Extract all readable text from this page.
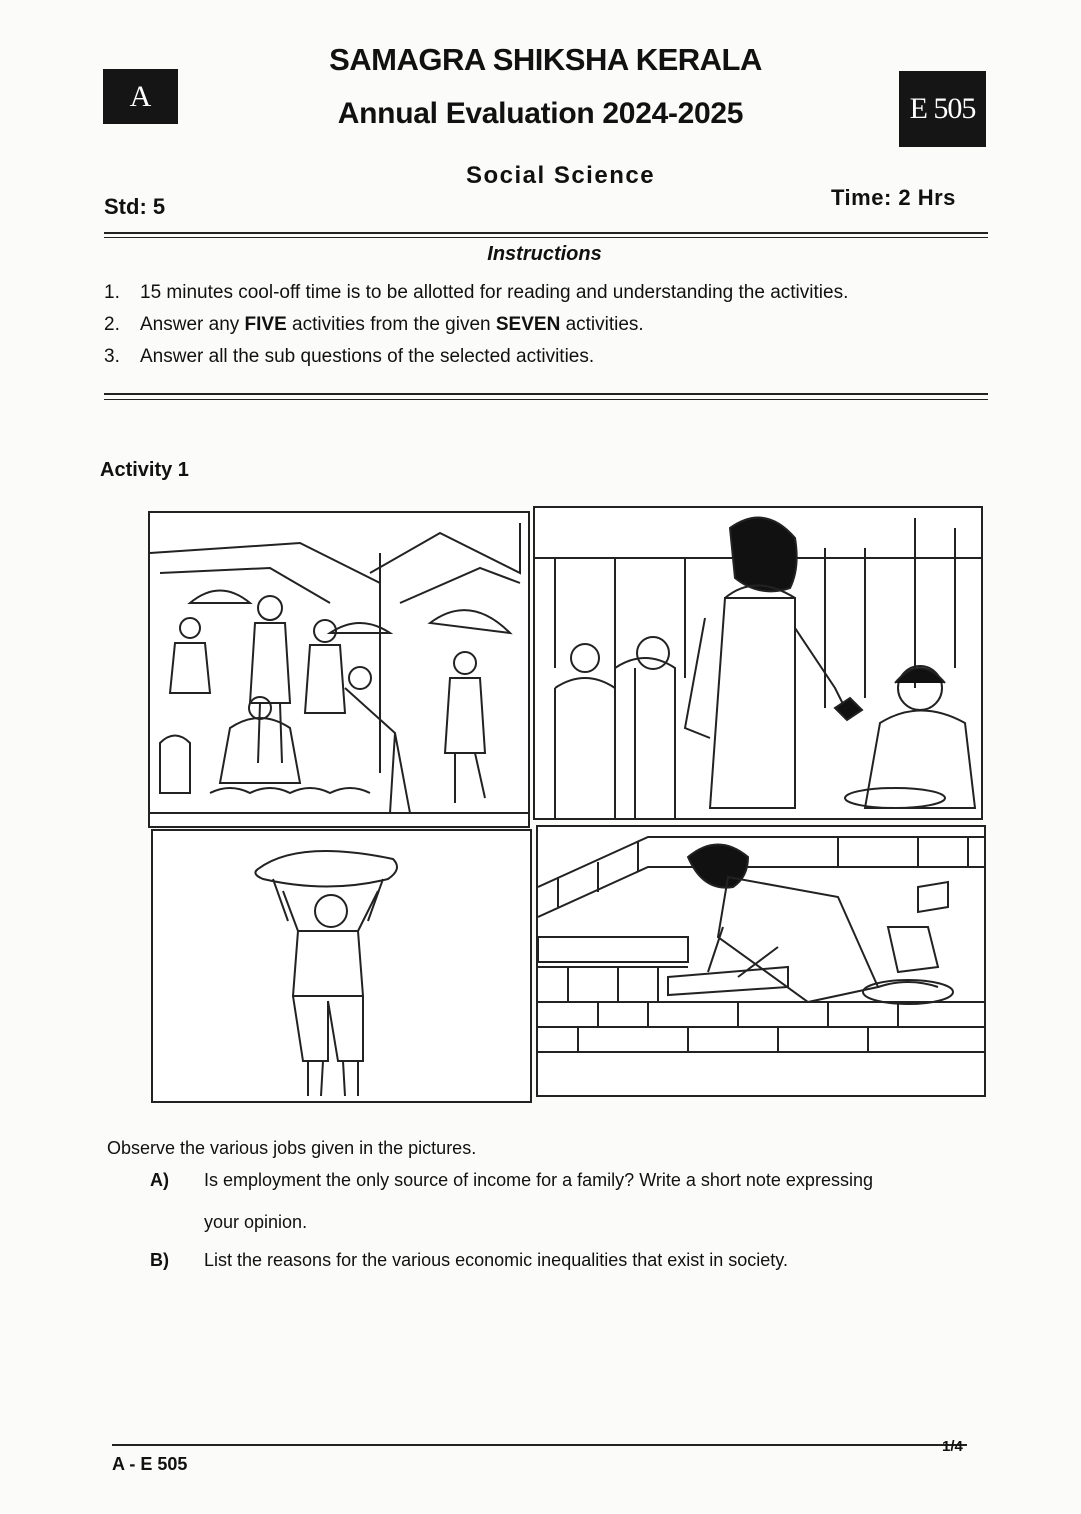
A
SAMAGRA SHIKSHA KERALA
Annual Evaluation 2024-2025	E 505
Social Science
Std: 5	Time: 2 Hrs
Instructions
1. 15 minutes cool-off time is to be allotted for reading and understanding the activities.
2. Answer any FIVE activities from the given SEVEN activities.
3. Answer all the sub questions of the selected activities.
Activity 1
Observe the various jobs given in the pictures.
A) Is employment the only source of income for a family? Write a short note expressing
your opinion.
B) List the reasons for the various economic inequalities that exist in society.
A - E 505
1/4
